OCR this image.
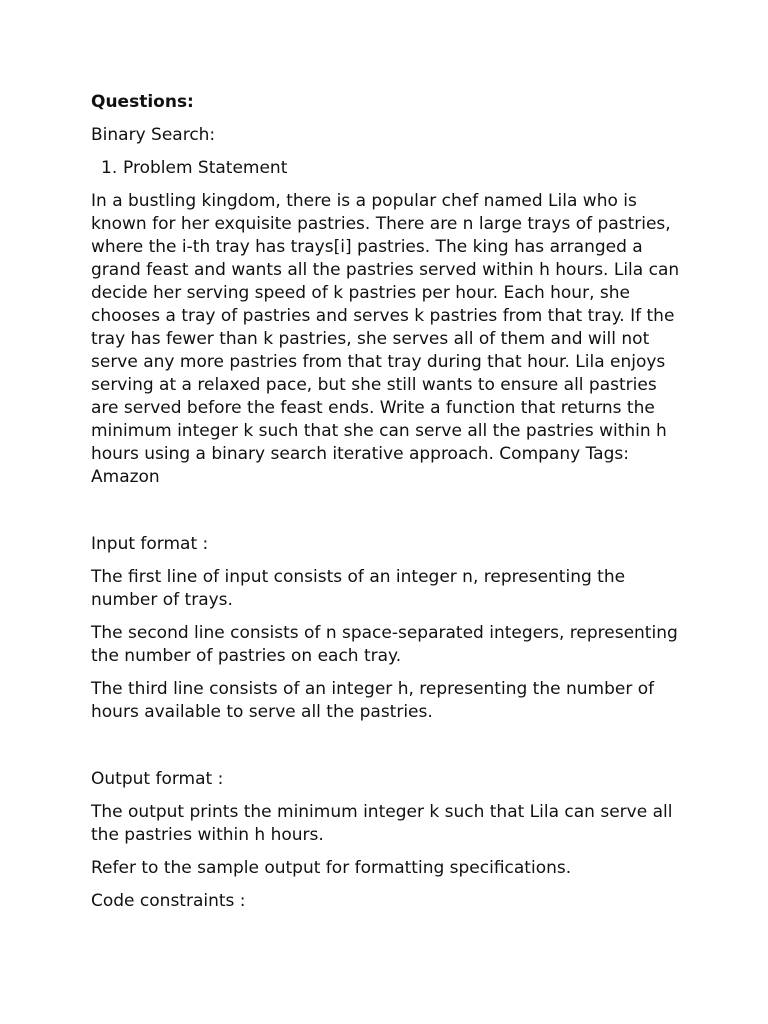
Questions:
Binary Search:
1. Problem Statement
In a bustling kingdom, there is a popular chef named Lila who is known for her exquisite pastries. There are n large trays of pastries, where the i-th tray has trays[i] pastries. The king has arranged a grand feast and wants all the pastries served within h hours. Lila can decide her serving speed of k pastries per hour. Each hour, she chooses a tray of pastries and serves k pastries from that tray. If the tray has fewer than k pastries, she serves all of them and will not serve any more pastries from that tray during that hour. Lila enjoys serving at a relaxed pace, but she still wants to ensure all pastries are served before the feast ends. Write a function that returns the minimum integer k such that she can serve all the pastries within h hours using a binary search iterative approach. Company Tags: Amazon
Input format :
The first line of input consists of an integer n, representing the number of trays.
The second line consists of n space-separated integers, representing the number of pastries on each tray.
The third line consists of an integer h, representing the number of hours available to serve all the pastries.
Output format :
The output prints the minimum integer k such that Lila can serve all the pastries within h hours.
Refer to the sample output for formatting specifications.
Code constraints :
